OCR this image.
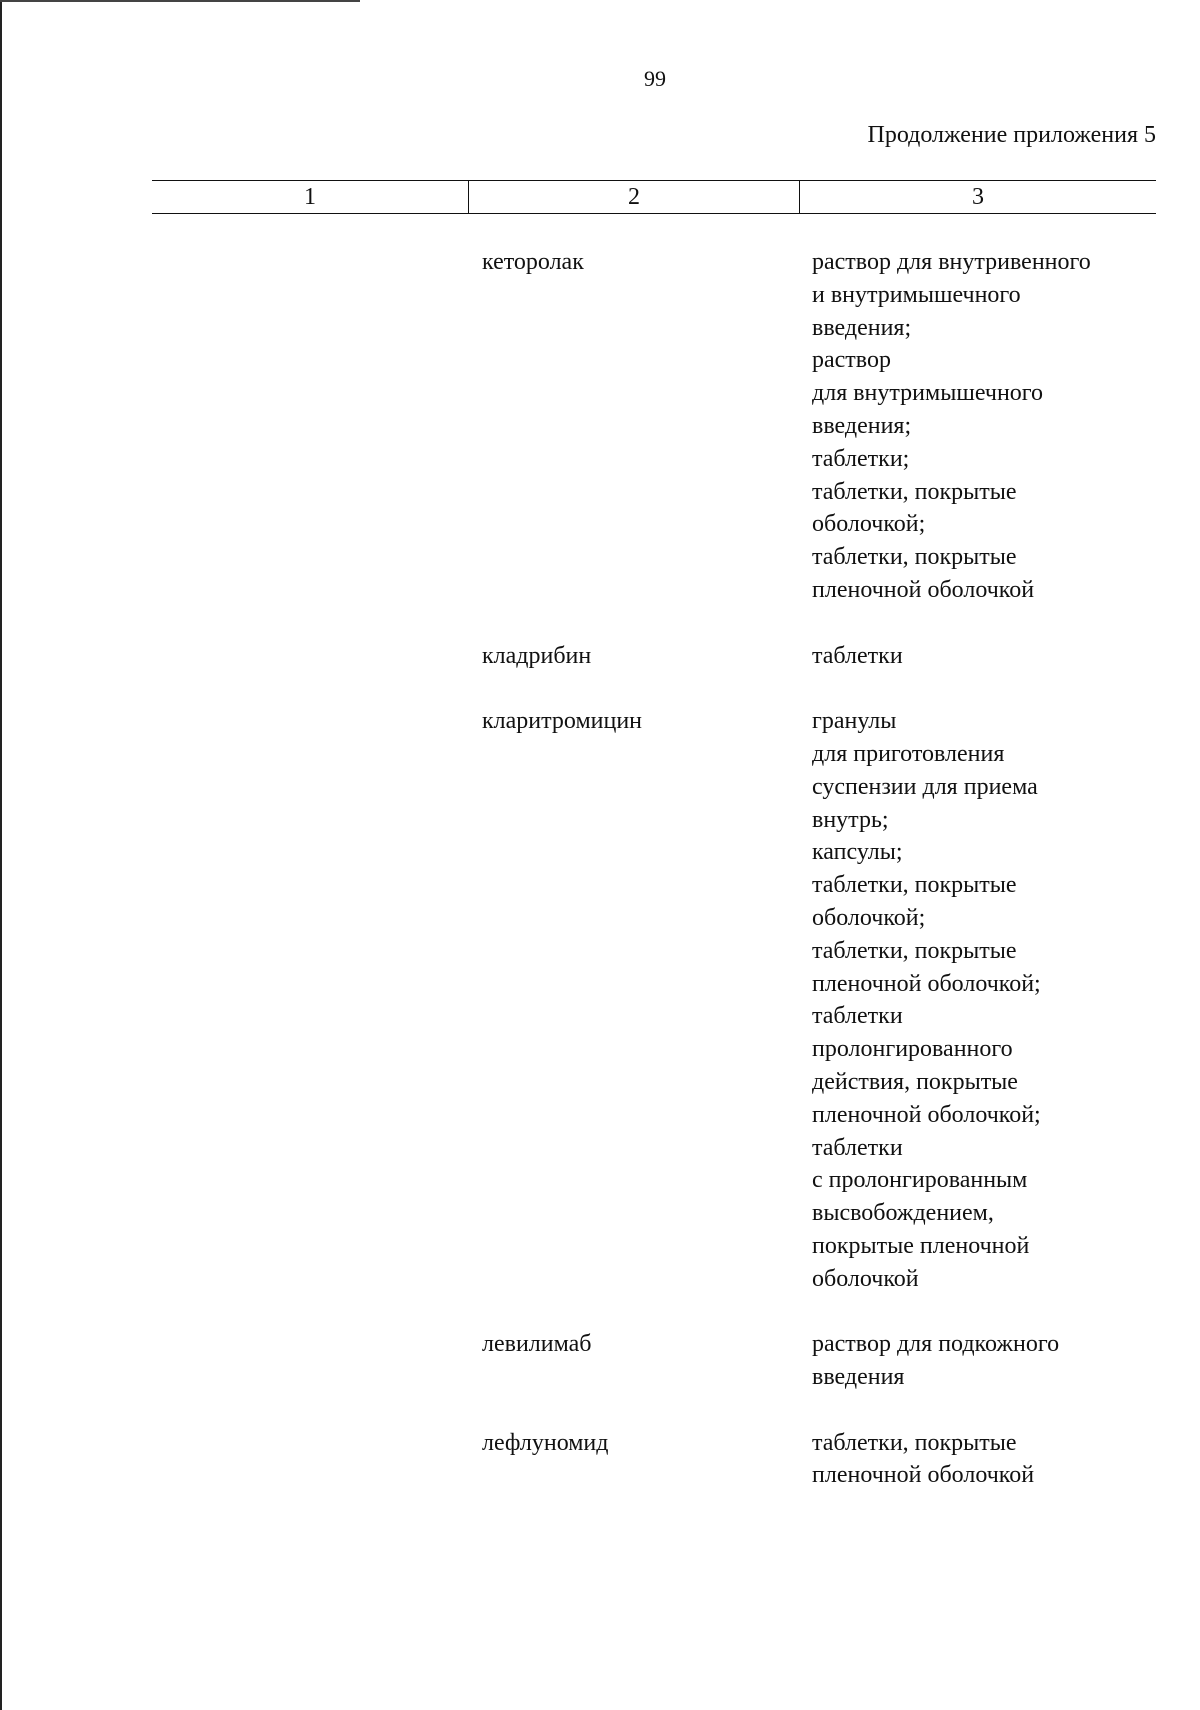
99
Продолжение приложения 5
1	2	3
кеторолак	раствор для внутривенного
и внутримышечного
введения;
раствор
для внутримышечного
введения;
таблетки;
таблетки, покрытые
оболочкой;
таблетки, покрытые
пленочной оболочкой
кладрибин	таблетки
кларитромицин	гранулы
для приготовления
суспензии для приема
внутрь;
капсулы;
таблетки, покрытые
оболочкой;
таблетки, покрытые
пленочной оболочкой;
таблетки
пролонгированного
действия, покрытые
пленочной оболочкой;
таблетки
с пролонгированным
высвобождением,
покрытые пленочной
оболочкой
левилимаб	раствор для подкожного
введения
лефлуномид	таблетки, покрытые
пленочной оболочкой
